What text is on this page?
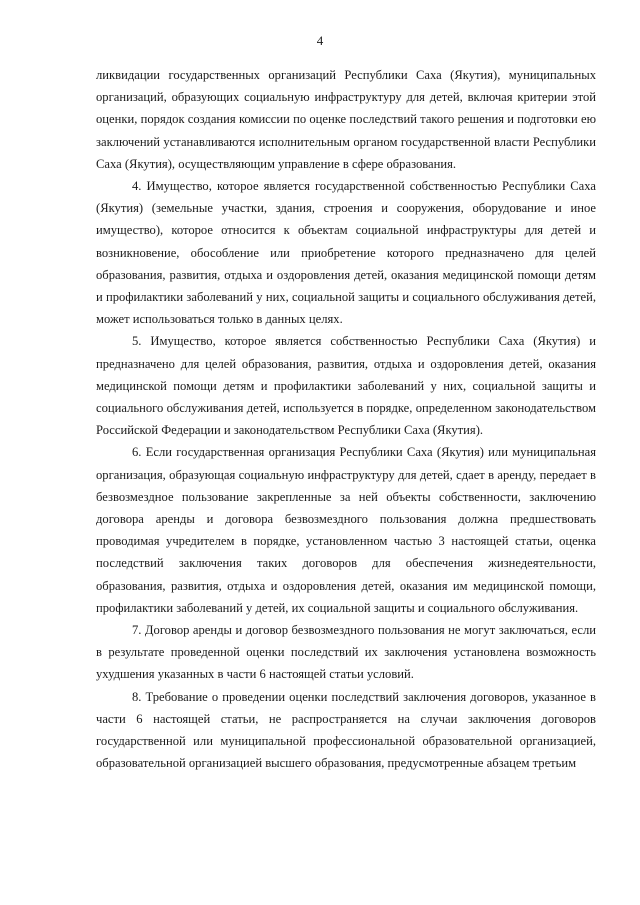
4

ликвидации государственных организаций Республики Саха (Якутия), муниципальных организаций, образующих социальную инфраструктуру для детей, включая критерии этой оценки, порядок создания комиссии по оценке последствий такого решения и подготовки ею заключений устанавливаются исполнительным органом государственной власти Республики Саха (Якутия), осуществляющим управление в сфере образования.

4. Имущество, которое является государственной собственностью Республики Саха (Якутия) (земельные участки, здания, строения и сооружения, оборудование и иное имущество), которое относится к объектам социальной инфраструктуры для детей и возникновение, обособление или приобретение которого предназначено для целей образования, развития, отдыха и оздоровления детей, оказания медицинской помощи детям и профилактики заболеваний у них, социальной защиты и социального обслуживания детей, может использоваться только в данных целях.

5. Имущество, которое является собственностью Республики Саха (Якутия) и предназначено для целей образования, развития, отдыха и оздоровления детей, оказания медицинской помощи детям и профилактики заболеваний у них, социальной защиты и социального обслуживания детей, используется в порядке, определенном законодательством Российской Федерации и законодательством Республики Саха (Якутия).

6. Если государственная организация Республики Саха (Якутия) или муниципальная организация, образующая социальную инфраструктуру для детей, сдает в аренду, передает в безвозмездное пользование закрепленные за ней объекты собственности, заключению договора аренды и договора безвозмездного пользования должна предшествовать проводимая учредителем в порядке, установленном частью 3 настоящей статьи, оценка последствий заключения таких договоров для обеспечения жизнедеятельности, образования, развития, отдыха и оздоровления детей, оказания им медицинской помощи, профилактики заболеваний у детей, их социальной защиты и социального обслуживания.

7. Договор аренды и договор безвозмездного пользования не могут заключаться, если в результате проведенной оценки последствий их заключения установлена возможность ухудшения указанных в части 6 настоящей статьи условий.

8. Требование о проведении оценки последствий заключения договоров, указанное в части 6 настоящей статьи, не распространяется на случаи заключения договоров государственной или муниципальной профессиональной образовательной организацией, образовательной организацией высшего образования, предусмотренные абзацем третьим
